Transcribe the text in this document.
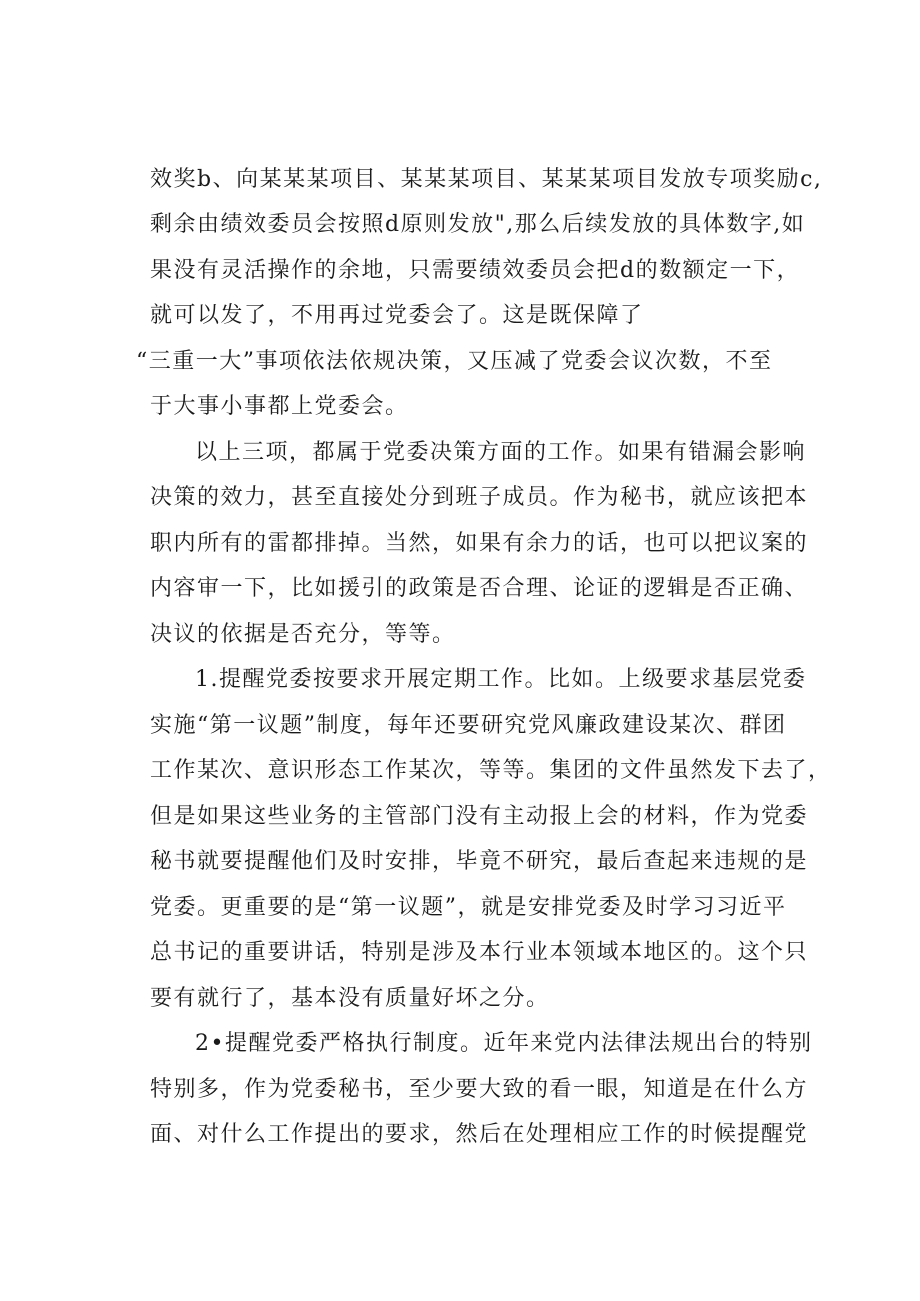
效奖b、向某某某项目、某某某项目、某某某项目发放专项奖励c,
剩余由绩效委员会按照d原则发放",那么后续发放的具体数字,如
果没有灵活操作的余地，只需要绩效委员会把d的数额定一下，
就可以发了，不用再过党委会了。这是既保障了
“三重一大”事项依法依规决策，又压减了党委会议次数，不至
于大事小事都上党委会。
以上三项，都属于党委决策方面的工作。如果有错漏会影响
决策的效力，甚至直接处分到班子成员。作为秘书，就应该把本
职内所有的雷都排掉。当然，如果有余力的话，也可以把议案的
内容审一下，比如援引的政策是否合理、论证的逻辑是否正确、
决议的依据是否充分，等等。
1.提醒党委按要求开展定期工作。比如。上级要求基层党委
实施“第一议题”制度，每年还要研究党风廉政建设某次、群团
工作某次、意识形态工作某次，等等。集团的文件虽然发下去了，
但是如果这些业务的主管部门没有主动报上会的材料，作为党委
秘书就要提醒他们及时安排，毕竟不研究，最后查起来违规的是
党委。更重要的是“第一议题”，就是安排党委及时学习习近平
总书记的重要讲话，特别是涉及本行业本领域本地区的。这个只
要有就行了，基本没有质量好坏之分。
2•提醒党委严格执行制度。近年来党内法律法规出台的特别
特别多，作为党委秘书，至少要大致的看一眼，知道是在什么方
面、对什么工作提出的要求，然后在处理相应工作的时候提醒党
